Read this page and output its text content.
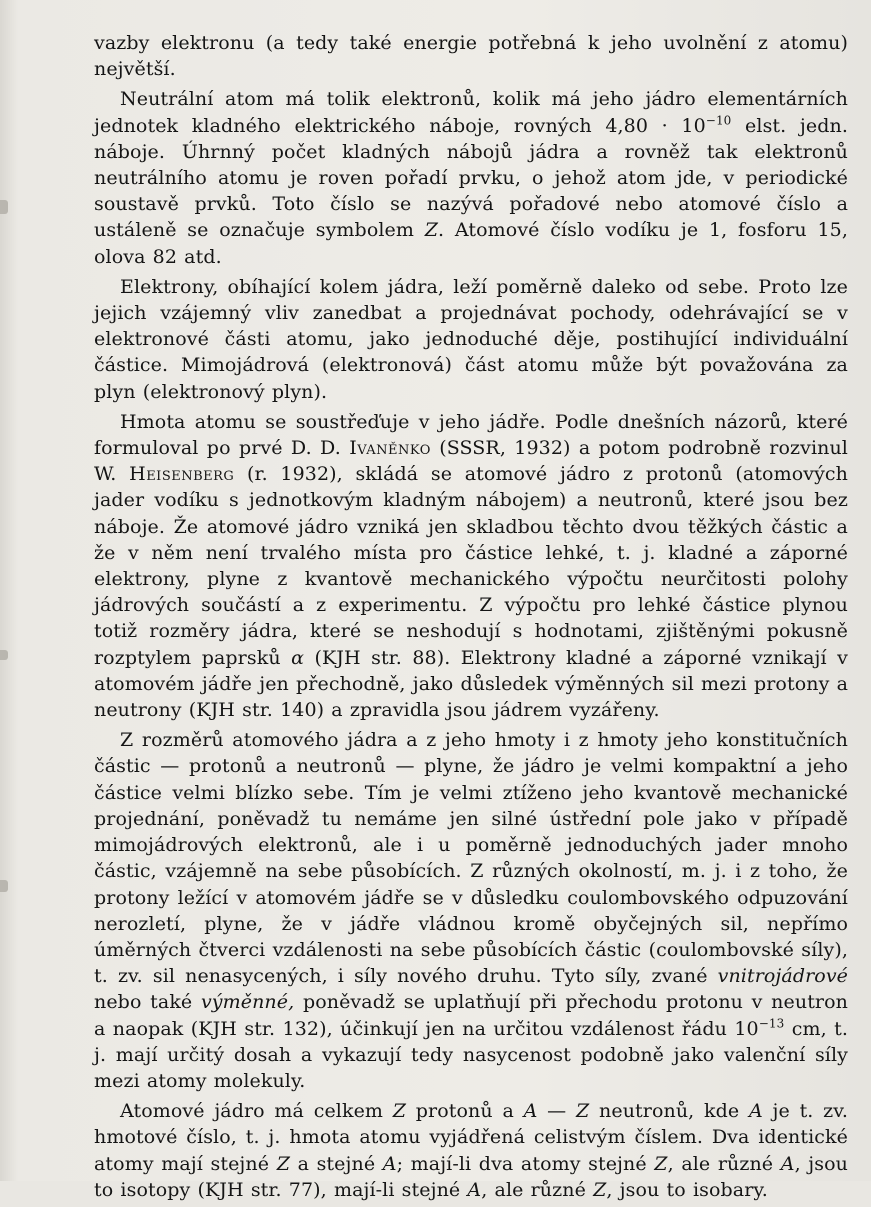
vazby elektronu (a tedy také energie potřebná k jeho uvolnění z atomu) největší.

Neutrální atom má tolik elektronů, kolik má jeho jádro elementárních jednotek kladného elektrického náboje, rovných $4,80 \cdot 10^{-10}$ elst. jedn. náboje. Úhrnný počet kladných nábojů jádra a rovněž tak elektronů neutrálního atomu je roven pořadí prvku, o jehož atom jde, v periodické soustavě prvků. Toto číslo se nazývá pořadové nebo atomové číslo a ustáleně se označuje symbolem Z. Atomové číslo vodíku je 1, fosforu 15, olova 82 atd.

Elektrony, obíhající kolem jádra, leží poměrně daleko od sebe. Proto lze jejich vzájemný vliv zanedbat a projednávat pochody, odehrávající se v elektronové části atomu, jako jednoduché děje, postihující individuální částice. Mimojádrová (elektronová) část atomu může být považována za plyn (elektronový plyn).

Hmota atomu se soustřeďuje v jeho jádře. Podle dnešních názorů, které formuloval po prvé D. D. Ivaněnko (SSSR, 1932) a potom podrobně rozvinul W. Heisenberg (r. 1932), skládá se atomové jádro z protonů (atomových jader vodíku s jednotkovým kladným nábojem) a neutronů, které jsou bez náboje. Že atomové jádro vzniká jen skladbou těchto dvou těžkých částic a že v něm není trvalého místa pro částice lehké, t. j. kladné a záporné elektrony, plyne z kvantově mechanického výpočtu neurčitosti polohy jádrových součástí a z experimentu. Z výpočtu pro lehké částice plynou totiž rozměry jádra, které se neshodují s hodnotami, zjištěnými pokusně rozptylem paprsků α (KJH str. 88). Elektrony kladné a záporné vznikají v atomovém jádře jen přechodně, jako důsledek výměnných sil mezi protony a neutrony (KJH str. 140) a zpravidla jsou jádrem vyzářeny.

Z rozměrů atomového jádra a z jeho hmoty i z hmoty jeho konstitučních částic — protonů a neutronů — plyne, že jádro je velmi kompaktní a jeho částice velmi blízko sebe. Tím je velmi ztíženo jeho kvantově mechanické projednání, poněvadž tu nemáme jen silné ústřední pole jako v případě mimojádrových elektronů, ale i u poměrně jednoduchých jader mnoho částic, vzájemně na sebe působících. Z různých okolností, m. j. i z toho, že protony ležící v atomovém jádře se v důsledku coulombovského odpuzování nerozletí, plyne, že v jádře vládnou kromě obyčejných sil, nepřímo úměrných čtverci vzdálenosti na sebe působících částic (coulombovské síly), t. zv. sil nenasycených, i síly nového druhu. Tyto síly, zvané vnitrojádrové nebo také výměnné, poněvadž se uplatňují při přechodu protonu v neutron a naopak (KJH str. 132), účinkují jen na určitou vzdálenost řádu $10^{-13}$ cm, t. j. mají určitý dosah a vykazují tedy nasycenost podobně jako valenční síly mezi atomy molekuly.

Atomové jádro má celkem Z protonů a A — Z neutronů, kde A je t. zv. hmotové číslo, t. j. hmota atomu vyjádřená celistvým číslem. Dva identické atomy mají stejné Z a stejné A; mají-li dva atomy stejné Z, ale různé A, jsou to isotopy (KJH str. 77), mají-li stejné A, ale různé Z, jsou to isobary.
